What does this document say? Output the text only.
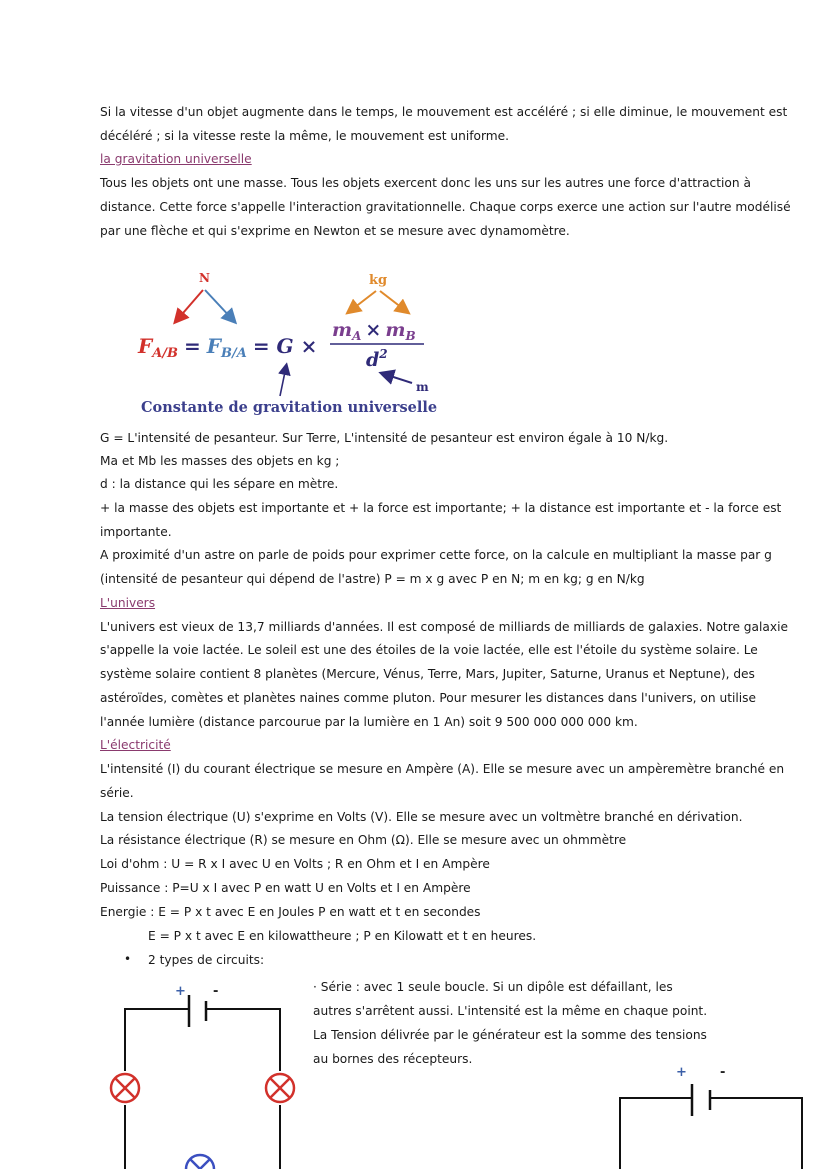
Si la vitesse d'un objet augmente dans le temps, le mouvement est accéléré ; si elle diminue, le mouvement est
décéléré ; si la vitesse reste la même, le mouvement est uniforme.
la gravitation universelle
Tous les objets ont une masse. Tous les objets exercent donc les uns sur les autres une force d'attraction à
distance. Cette force s'appelle l'interaction gravitationnelle. Chaque corps exerce une action sur l'autre modélisé
par une flèche et qui s'exprime en Newton et se mesure avec dynamomètre.
N	kg
$F_{A/B} = F_{B/A} = G$ ×
$m_A \times m_B$
$d^2$
m
Constante de gravitation universelle
G = L'intensité de pesanteur. Sur Terre, L'intensité de pesanteur est environ égale à 10 N/kg.
Ma et Mb les masses des objets en kg ;
d : la distance qui les sépare en mètre.
+ la masse des objets est importante et + la force est importante; + la distance est importante et - la force est
importante.
A proximité d'un astre on parle de poids pour exprimer cette force, on la calcule en multipliant la masse par g
(intensité de pesanteur qui dépend de l'astre) P = m x g avec P en N; m en kg; g en N/kg
L'univers
L'univers est vieux de 13,7 milliards d'années. Il est composé de milliards de milliards de galaxies. Notre galaxie
s'appelle la voie lactée. Le soleil est une des étoiles de la voie lactée, elle est l'étoile du système solaire. Le
système solaire contient 8 planètes (Mercure, Vénus, Terre, Mars, Jupiter, Saturne, Uranus et Neptune), des
astéroïdes, comètes et planètes naines comme pluton. Pour mesurer les distances dans l'univers, on utilise
l'année lumière (distance parcourue par la lumière en 1 An) soit 9 500 000 000 000 km.
L'électricité
L'intensité (I) du courant électrique se mesure en Ampère (A). Elle se mesure avec un ampèremètre branché en
série.
La tension électrique (U) s'exprime en Volts (V). Elle se mesure avec un voltmètre branché en dérivation.
La résistance électrique (R) se mesure en Ohm (Ω). Elle se mesure avec un ohmmètre
Loi d'ohm : U = R x I avec U en Volts ; R en Ohm et I en Ampère
Puissance : P=U x I avec P en watt U en Volts et I en Ampère
Energie : E = P x t avec E en Joules P en watt et t en secondes
E = P x t avec E en kilowattheure ; P en Kilowatt et t en heures.
• 2 types de circuits:
· Série : avec 1 seule boucle. Si un dipôle est défaillant, les autres s'arrêtent aussi. L'intensité est la même en chaque point. La Tension délivrée par le générateur est la somme des tensions au bornes des récepteurs.
+ -
+	-
